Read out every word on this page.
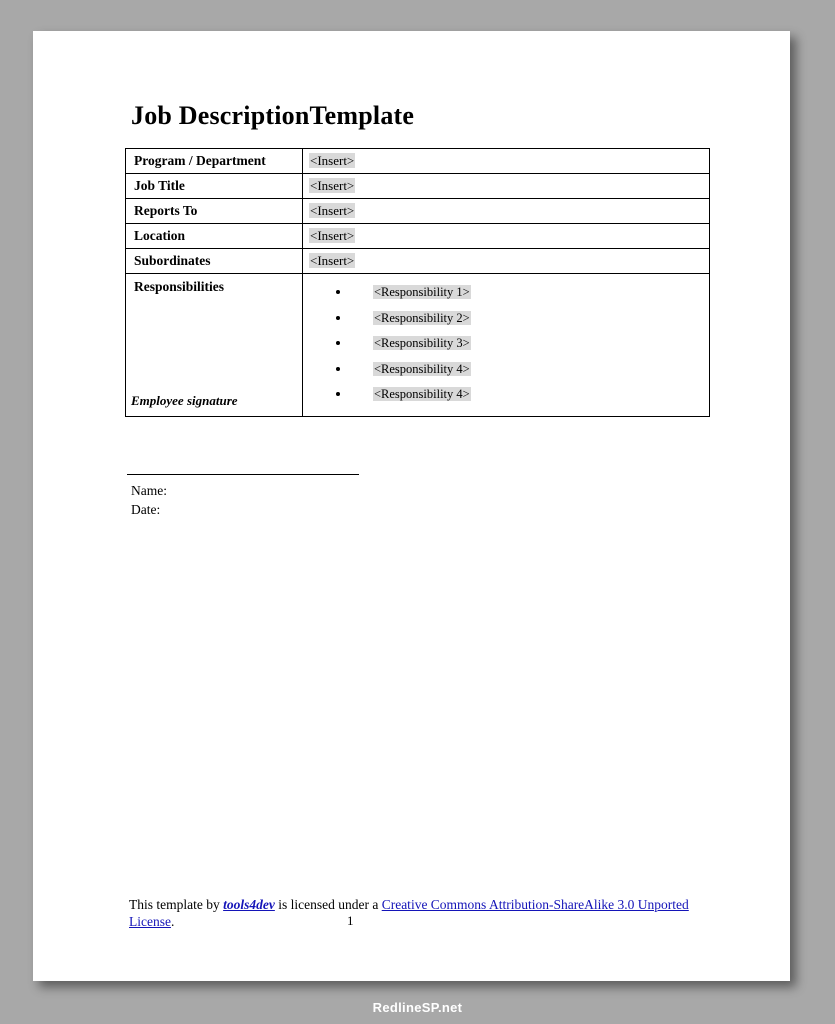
Job DescriptionTemplate
Program / Department	<Insert>
Job Title	<Insert>
Reports To	<Insert>
Location	<Insert>
Subordinates	<Insert>
Responsibilities	
•<Responsibility 1>
• <Responsibility 2>
• <Responsibility 3>
• <Responsibility 4>
• <Responsibility 4>
Employee signature
Name:
Date:
This template by tools4dev is licensed under a Creative Commons Attribution-ShareAlike 3.0 Unported License.	1
RedlineSP.net
